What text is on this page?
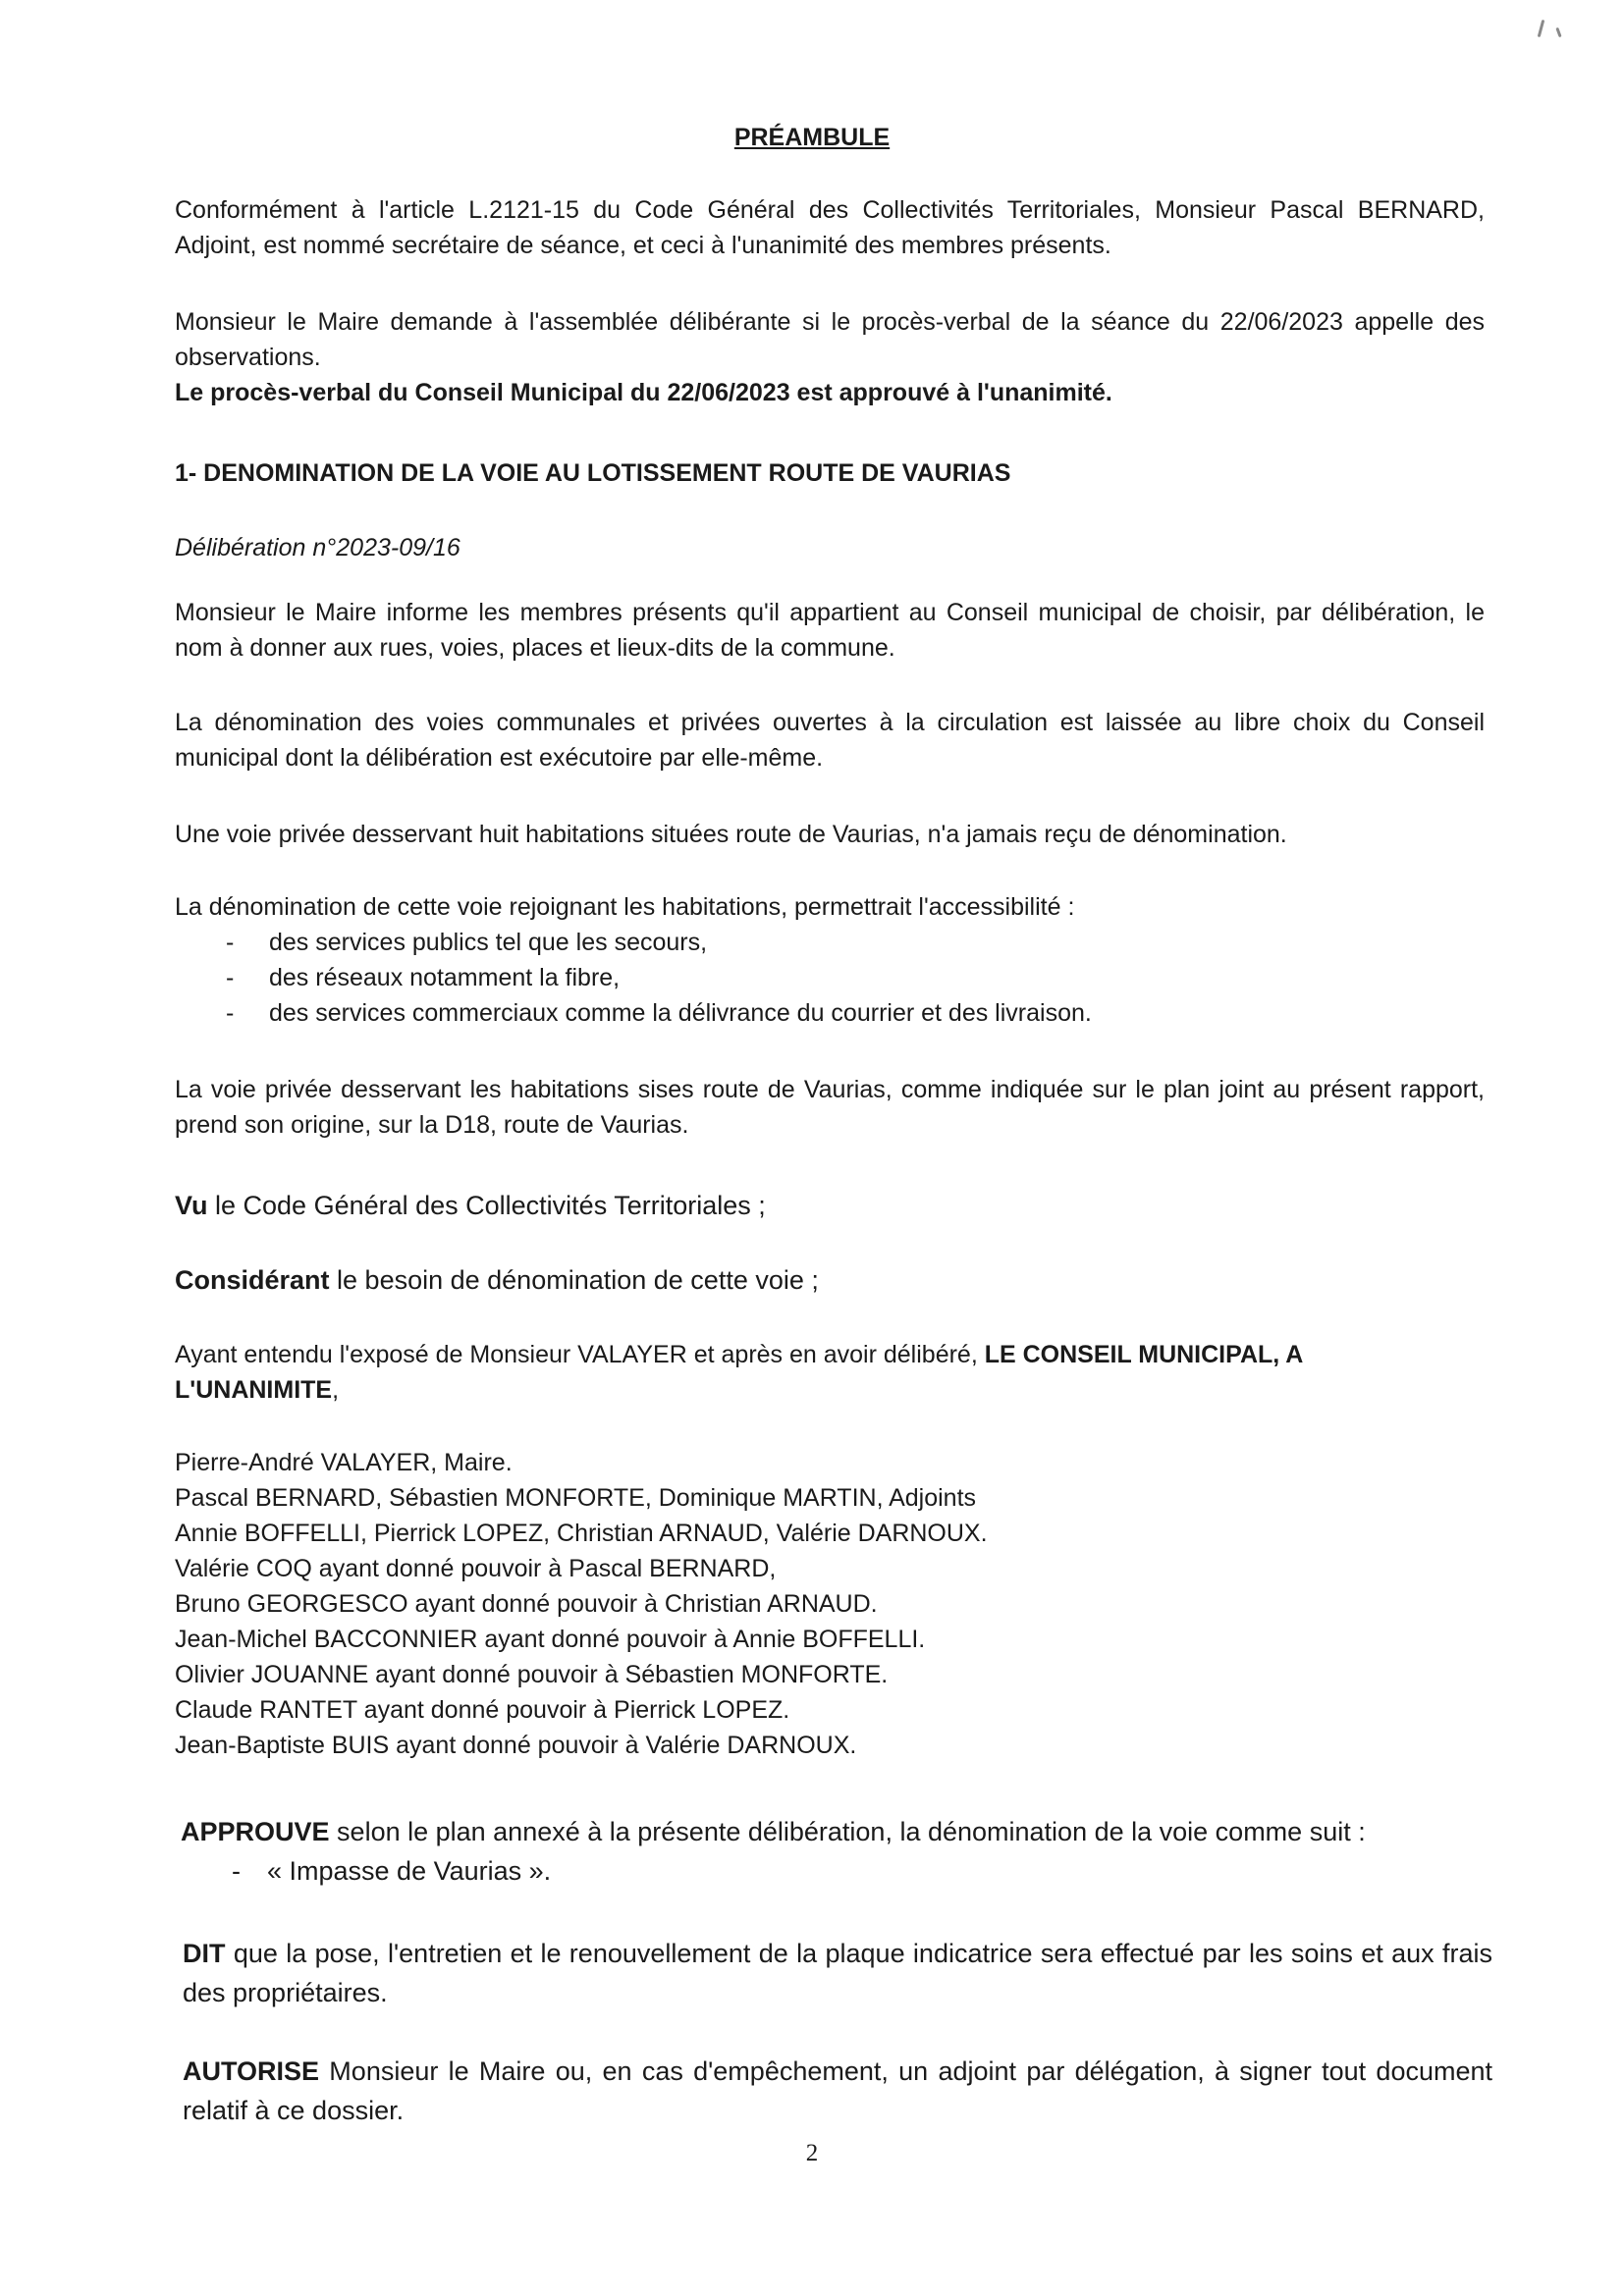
PRÉAMBULE

Conformément à l'article L.2121-15 du Code Général des Collectivités Territoriales, Monsieur Pascal BERNARD, Adjoint, est nommé secrétaire de séance, et ceci à l'unanimité des membres présents.

Monsieur le Maire demande à l'assemblée délibérante si le procès-verbal de la séance du 22/06/2023 appelle des observations.
Le procès-verbal du Conseil Municipal du 22/06/2023 est approuvé à l'unanimité.

1- DENOMINATION DE LA VOIE AU LOTISSEMENT ROUTE DE VAURIAS

Délibération n°2023-09/16

Monsieur le Maire informe les membres présents qu'il appartient au Conseil municipal de choisir, par délibération, le nom à donner aux rues, voies, places et lieux-dits de la commune.

La dénomination des voies communales et privées ouvertes à la circulation est laissée au libre choix du Conseil municipal dont la délibération est exécutoire par elle-même.

Une voie privée desservant huit habitations situées route de Vaurias, n'a jamais reçu de dénomination.

La dénomination de cette voie rejoignant les habitations, permettrait l'accessibilité :

- des services publics tel que les secours,
- des réseaux notamment la fibre,
- des services commerciaux comme la délivrance du courrier et des livraison.

La voie privée desservant les habitations sises route de Vaurias, comme indiquée sur le plan joint au présent rapport, prend son origine, sur la D18, route de Vaurias.

Vu le Code Général des Collectivités Territoriales ;

Considérant le besoin de dénomination de cette voie ;

Ayant entendu l'exposé de Monsieur VALAYER et après en avoir délibéré, LE CONSEIL MUNICIPAL, A L'UNANIMITE,

Pierre-André VALAYER, Maire.

Pascal BERNARD, Sébastien MONFORTE, Dominique MARTIN, Adjoints

Annie BOFFELLI, Pierrick LOPEZ, Christian ARNAUD, Valérie DARNOUX.

Valérie COQ ayant donné pouvoir à Pascal BERNARD,

Bruno GEORGESCO ayant donné pouvoir à Christian ARNAUD.

Jean-Michel BACCONNIER ayant donné pouvoir à Annie BOFFELLI.

Olivier JOUANNE ayant donné pouvoir à Sébastien MONFORTE.

Claude RANTET ayant donné pouvoir à Pierrick LOPEZ.

Jean-Baptiste BUIS ayant donné pouvoir à Valérie DARNOUX.

APPROUVE selon le plan annexé à la présente délibération, la dénomination de la voie comme suit :

- « Impasse de Vaurias ».

DIT que la pose, l'entretien et le renouvellement de la plaque indicatrice sera effectué par les soins et aux frais des propriétaires.

AUTORISE Monsieur le Maire ou, en cas d'empêchement, un adjoint par délégation, à signer tout document relatif à ce dossier.

2
